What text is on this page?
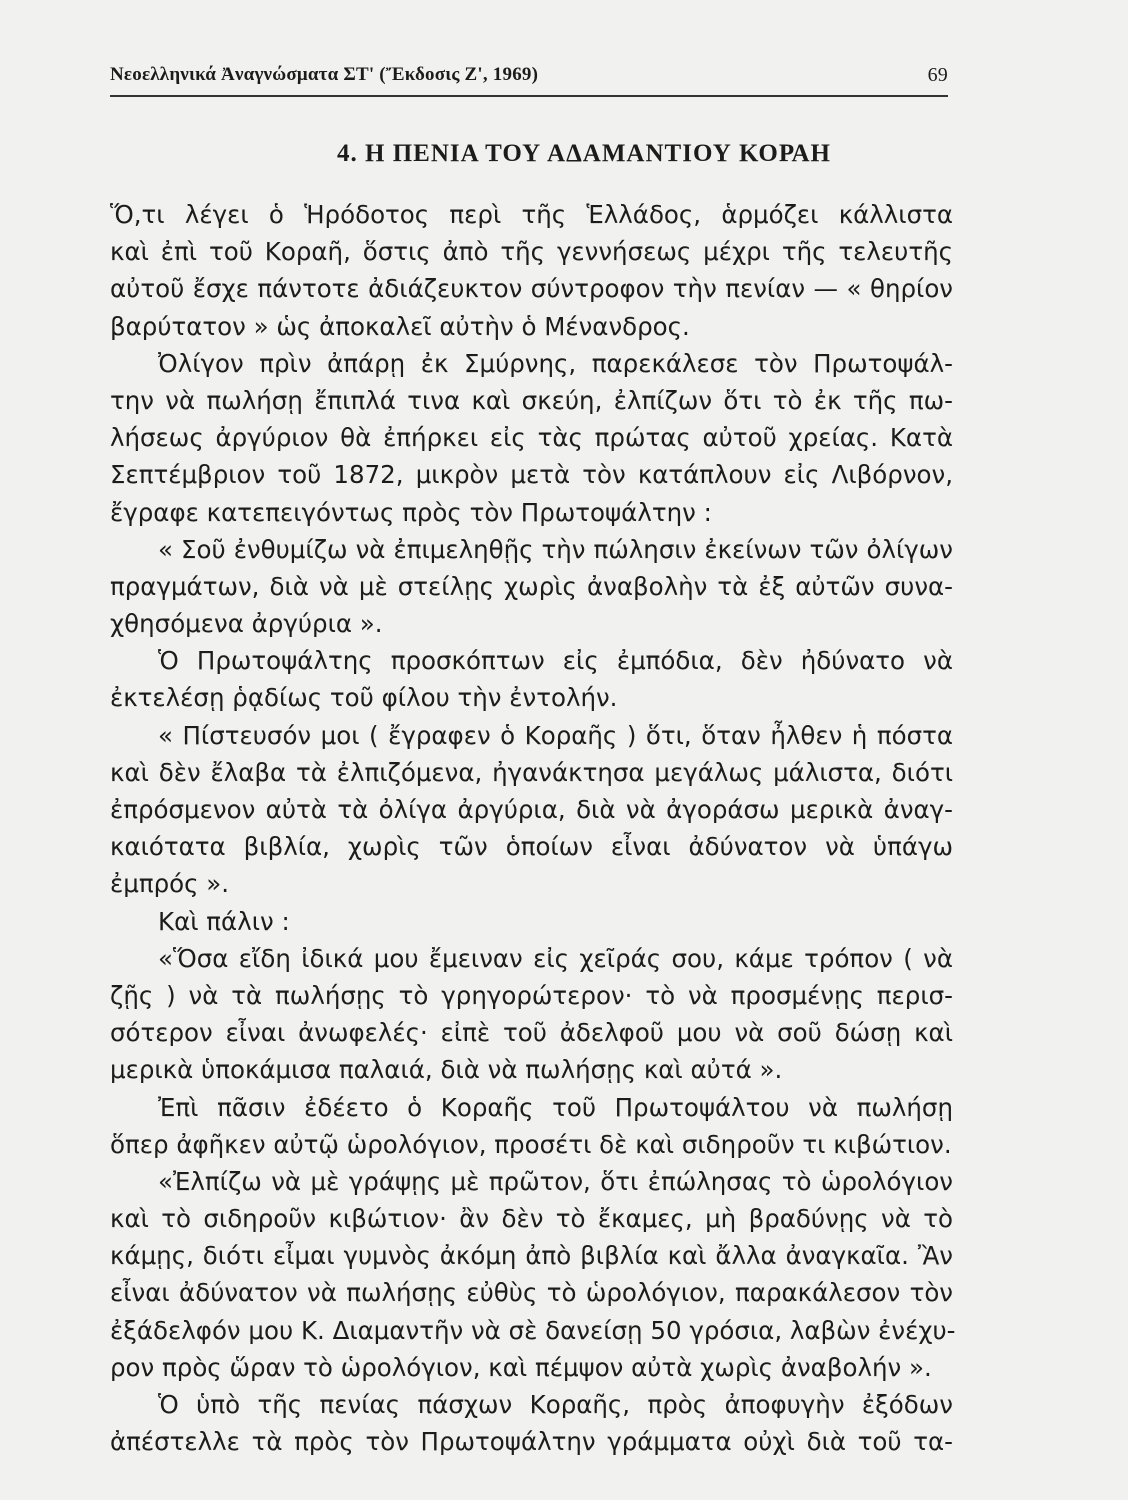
Νεοελληνικά Ἀναγνώσματα ΣΤ' (Ἔκδοσις Ζ', 1969)	69
4. Η ΠΕΝΙΑ ΤΟΥ ΑΔΑΜΑΝΤΙΟΥ ΚΟΡΑΗ
Ὅ,τι λέγει ὁ Ἡρόδοτος περὶ τῆς Ἑλλάδος, ἁρμόζει κάλλιστα
καὶ ἐπὶ τοῦ Κοραῆ, ὅστις ἀπὸ τῆς γεννήσεως μέχρι τῆς τελευτῆς
αὐτοῦ ἔσχε πάντοτε ἀδιάζευκτον σύντροφον τὴν πενίαν — « θηρίον
βαρύτατον » ὡς ἀποκαλεῖ αὐτὴν ὁ Μένανδρος.
Ὀλίγον πρὶν ἀπάρῃ ἐκ Σμύρνης, παρεκάλεσε τὸν Πρωτοψάλ-
την νὰ πωλήσῃ ἔπιπλά τινα καὶ σκεύη, ἐλπίζων ὅτι τὸ ἐκ τῆς πω-
λήσεως ἀργύριον θὰ ἐπήρκει εἰς τὰς πρώτας αὐτοῦ χρείας. Κατὰ
Σεπτέμβριον τοῦ 1872, μικρὸν μετὰ τὸν κατάπλουν εἰς Λιβόρνον,
ἔγραφε κατεπειγόντως πρὸς τὸν Πρωτοψάλτην :
« Σοῦ ἐνθυμίζω νὰ ἐπιμεληθῇς τὴν πώλησιν ἐκείνων τῶν ὀλίγων
πραγμάτων, διὰ νὰ μὲ στείλῃς χωρὶς ἀναβολὴν τὰ ἐξ αὐτῶν συνα-
χθησόμενα ἀργύρια ».
Ὁ Πρωτοψάλτης προσκόπτων εἰς ἐμπόδια, δὲν ἠδύνατο νὰ
ἐκτελέσῃ ῥᾳδίως τοῦ φίλου τὴν ἐντολήν.
« Πίστευσόν μοι ( ἔγραφεν ὁ Κοραῆς ) ὅτι, ὅταν ἦλθεν ἡ πόστα
καὶ δὲν ἔλαβα τὰ ἐλπιζόμενα, ἠγανάκτησα μεγάλως μάλιστα, διότι
ἐπρόσμενον αὐτὰ τὰ ὀλίγα ἀργύρια, διὰ νὰ ἀγοράσω μερικὰ ἀναγ-
καιότατα βιβλία, χωρὶς τῶν ὁποίων εἶναι ἀδύνατον νὰ ὑπάγω
ἐμπρός ».
Καὶ πάλιν :
«Ὅσα εἴδη ἰδικά μου ἔμειναν εἰς χεῖράς σου, κάμε τρόπον ( νὰ
ζῇς ) νὰ τὰ πωλήσῃς τὸ γρηγορώτερον· τὸ νὰ προσμένῃς περισ-
σότερον εἶναι ἀνωφελές· εἰπὲ τοῦ ἀδελφοῦ μου νὰ σοῦ δώσῃ καὶ
μερικὰ ὑποκάμισα παλαιά, διὰ νὰ πωλήσῃς καὶ αὐτά ».
Ἐπὶ πᾶσιν ἐδέετο ὁ Κοραῆς τοῦ Πρωτοψάλτου νὰ πωλήσῃ
ὅπερ ἀφῆκεν αὐτῷ ὡρολόγιον, προσέτι δὲ καὶ σιδηροῦν τι κιβώτιον.
«Ἐλπίζω νὰ μὲ γράψῃς μὲ πρῶτον, ὅτι ἐπώλησας τὸ ὡρολόγιον
καὶ τὸ σιδηροῦν κιβώτιον· ἂν δὲν τὸ ἔκαμες, μὴ βραδύνῃς νὰ τὸ
κάμῃς, διότι εἶμαι γυμνὸς ἀκόμη ἀπὸ βιβλία καὶ ἄλλα ἀναγκαῖα. Ἂν
εἶναι ἀδύνατον νὰ πωλήσῃς εὐθὺς τὸ ὡρολόγιον, παρακάλεσον τὸν
ἐξάδελφόν μου Κ. Διαμαντῆν νὰ σὲ δανείσῃ 50 γρόσια, λαβὼν ἐνέχυ-
ρον πρὸς ὥραν τὸ ὡρολόγιον, καὶ πέμψον αὐτὰ χωρὶς ἀναβολήν ».
Ὁ ὑπὸ τῆς πενίας πάσχων Κοραῆς, πρὸς ἀποφυγὴν ἐξόδων
ἀπέστελλε τὰ πρὸς τὸν Πρωτοψάλτην γράμματα οὐχὶ διὰ τοῦ τα-
